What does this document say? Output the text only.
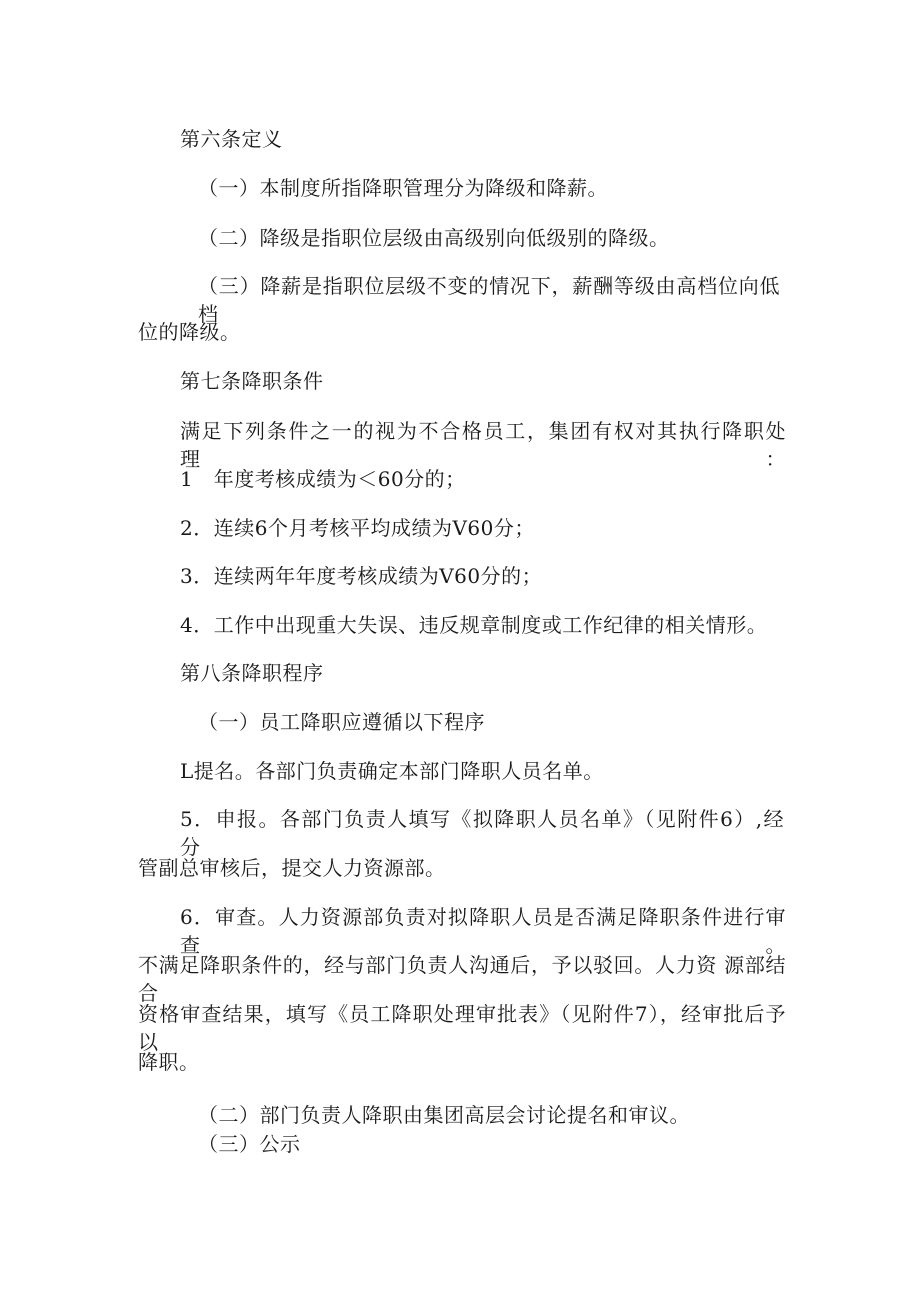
第六条定义

（一）本制度所指降职管理分为降级和降薪。

（二）降级是指职位层级由高级别向低级别的降级。

（三）降薪是指职位层级不变的情况下，薪酬等级由高档位向低 档

位的降级。

第七条降职条件

满足下列条件之一的视为不合格员工，集团有权对其执行降职处　理：

1　年度考核成绩为＜60分的；

2．连续6个月考核平均成绩为V60分；

3．连续两年年度考核成绩为V60分的；

4．工作中出现重大失误、违反规章制度或工作纪律的相关情形。

第八条降职程序

（一）员工降职应遵循以下程序

L提名。各部门负责确定本部门降职人员名单。

5．申报。各部门负责人填写《拟降职人员名单》（见附件6）,经 分

管副总审核后，提交人力资源部。

6．审查。人力资源部负责对拟降职人员是否满足降职条件进行审 查。

不满足降职条件的，经与部门负责人沟通后，予以驳回。人力资 源部结合

资格审查结果，填写《员工降职处理审批表》（见附件7），经审批后予以

降职。

（二）部门负责人降职由集团高层会讨论提名和审议。

（三）公示
